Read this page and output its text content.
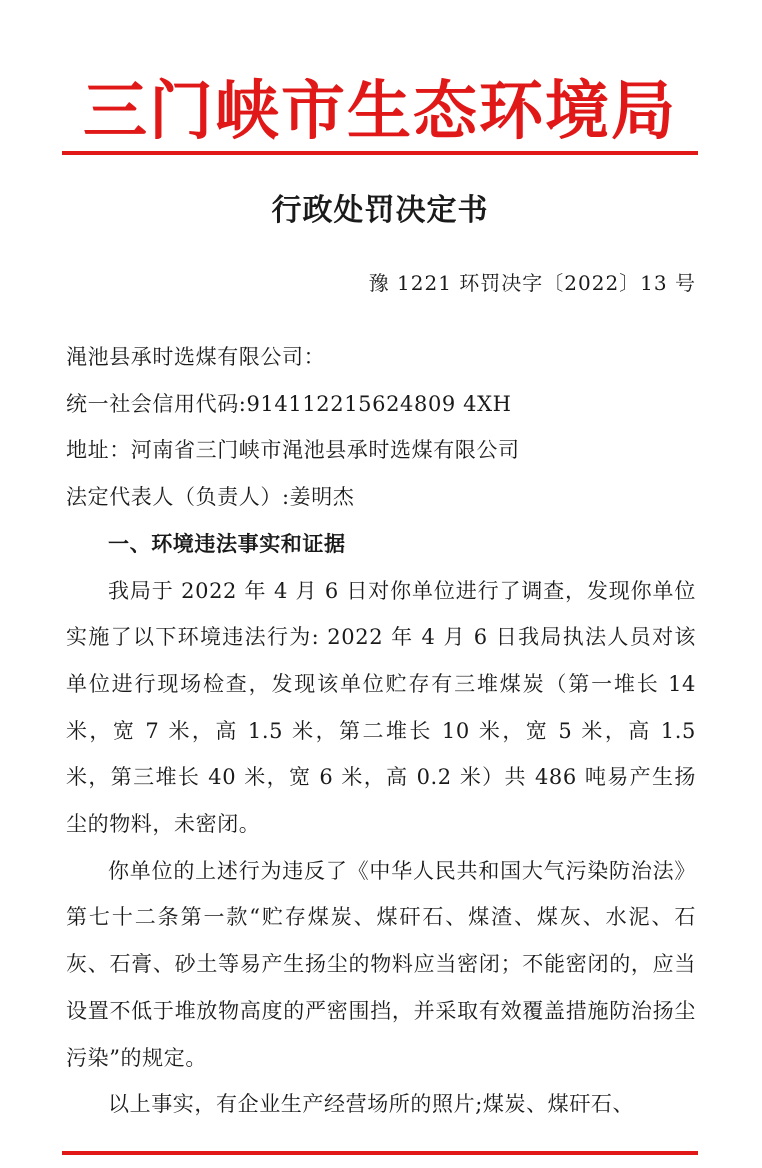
三门峡市生态环境局
行政处罚决定书
豫 1221 环罚决字〔2022〕13 号

渑池县承时选煤有限公司：

统一社会信用代码:914112215624809 4XH

地址：河南省三门峡市渑池县承时选煤有限公司

法定代表人（负责人）:姜明杰

一、环境违法事实和证据

我局于 2022 年 4 月 6 日对你单位进行了调查，发现你单位实施了以下环境违法行为: 2022 年 4 月 6 日我局执法人员对该单位进行现场检查，发现该单位贮存有三堆煤炭（第一堆长 14 米，宽 7 米，高 1.5 米，第二堆长 10 米，宽 5 米，高 1.5 米，第三堆长 40 米，宽 6 米，高 0.2 米）共 486 吨易产生扬尘的物料，未密闭。

你单位的上述行为违反了《中华人民共和国大气污染防治法》第七十二条第一款“贮存煤炭、煤矸石、煤渣、煤灰、水泥、石灰、石膏、砂土等易产生扬尘的物料应当密闭；不能密闭的，应当设置不低于堆放物高度的严密围挡，并采取有效覆盖措施防治扬尘污染”的规定。

以上事实，有企业生产经营场所的照片;煤炭、煤矸石、
